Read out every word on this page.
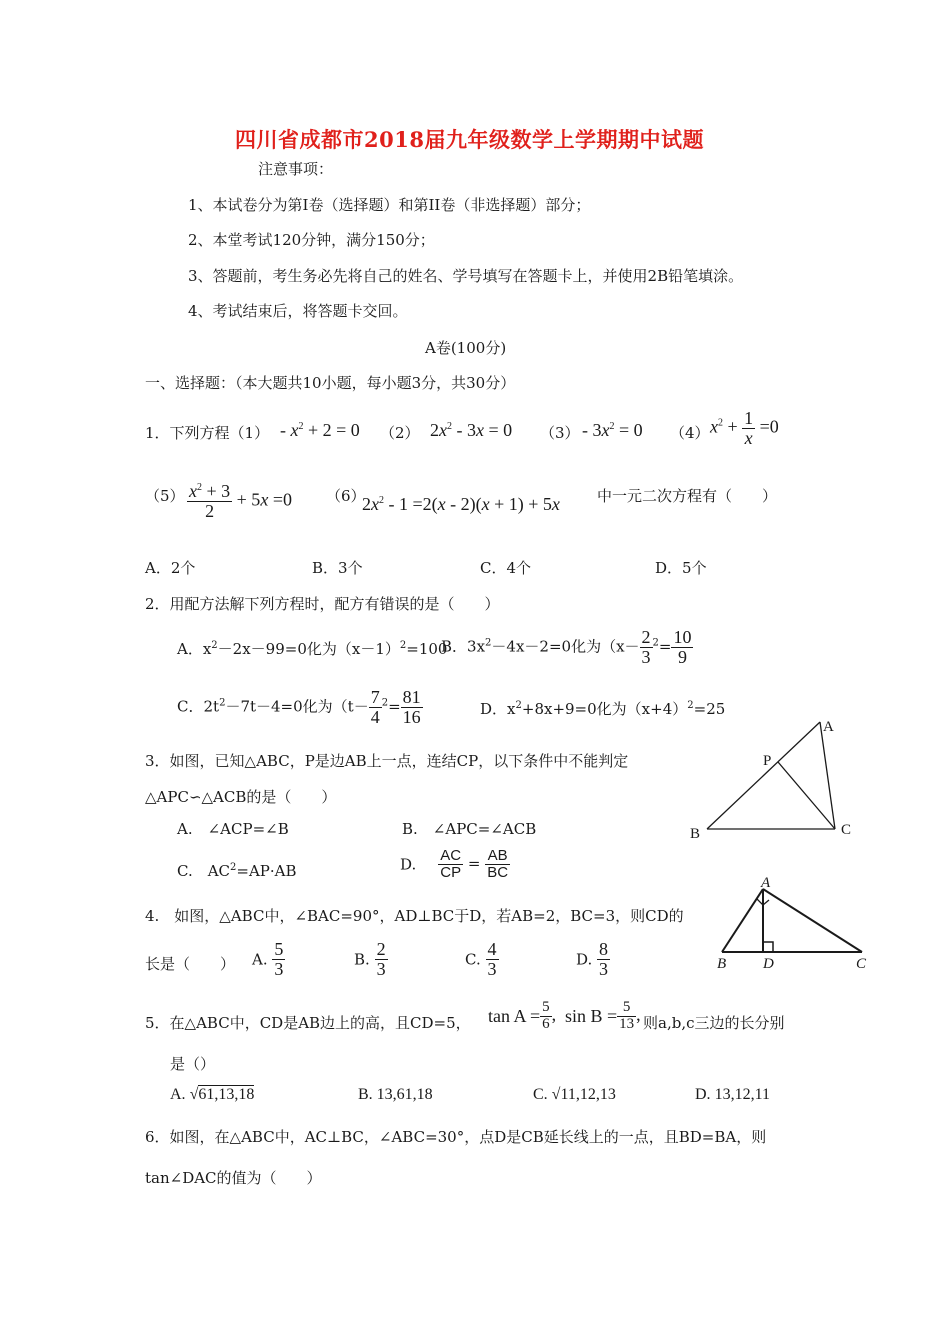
四川省成都市2018届九年级数学上学期期中试题
注意事项：
1、本试卷分为第I卷（选择题）和第II卷（非选择题）部分；
2、本堂考试120分钟，满分150分；
3、答题前，考生务必先将自己的姓名、学号填写在答题卡上，并使用2B铅笔填涂。
4、考试结束后，将答题卡交回。
A卷(100分)
一、选择题：（本大题共10小题，每小题3分，共30分）
1．下列方程$(1) - x^2 + 2 = 0$ （2） $2x^2 - 3x = 0$ $(3) - 3x^2 = 0$ （4） $x^2 + \frac{1}{x} =0$
$(5) \frac{x^2 + 3}{2} + 5x =0$ （6）
$2x^2 - 1 =2(x - 2)(x + 1) + 5x$ 中一元二次方程有（　　）
A．2个	B．3个	C．4个	D．5个
2．用配方法解下列方程时，配方有错误的是（　　）
A．$x^2-2x-99=0$化为$(x-1)^2=100$
B．$3x^2-4x-2=0$化为（$x- \frac{2}{3} ^2= \frac{10}{9}$
C．$2t^2-7t-4=0$化为（$t- \frac{7}{4} ^2= \frac{81}{16}$	D．$x^2+8x+9=0$化为$(x+4)^2=25$
3．如图，已知△ABC，P是边AB上一点，连结CP，以下条件中不能判定
△APC∽△ACB的是（　　）
A.　∠ACP=∠B	B.　∠APC=∠ACB
C.　$AC^2=AP\cdot AB$	D. $\frac{AC}{CP} = \frac{AB}{BC}$
A
P
B	C
4.　如图，△ABC中，∠BAC=90°，AD⊥BC于D，若AB=2，BC=3，则CD的
长是（　　） A. $\frac{5}{3}$	B. $\frac{2}{3}$	C. $\frac{4}{3}$	D. $\frac{8}{3}$
A
B D	C
5．在△ABC中，CD是AB边上的高，且CD=5， $\tan A = \frac{5}{6}$ , $\sin B = \frac{5}{13}$ , 则a,b,c三边的长分别
是（）
A. √61,13,18	B. 13,61,18	C. √11,12,13	D. 13,12,11
6．如图，在△ABC中，AC⊥BC，∠ABC=30°，点D是CB延长线上的一点，且BD=BA，则
tan∠DAC的值为（　　）
